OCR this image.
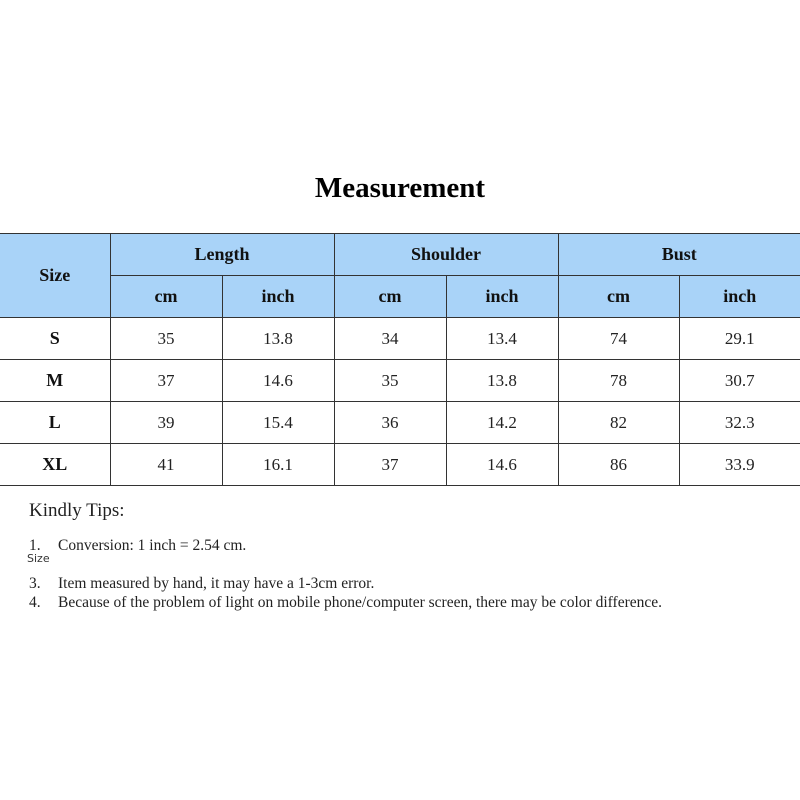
Measurement
Size	Length		Shoulder		Bust	
	cm	inch	cm	inch	cm	inch
S	35	13.8	34	13.4	74	29.1
M	37	14.6	35	13.8	78	30.7
L	39	15.4	36	14.2	82	32.3
XL	41	16.1	37	14.6	86	33.9
Kindly Tips:
1. Conversion: 1 inch = 2.54 cm.
3. Item measured by hand, it may have a 1-3cm error.
4. Because of the problem of light on mobile phone/computer screen, there may be color difference.
Size
